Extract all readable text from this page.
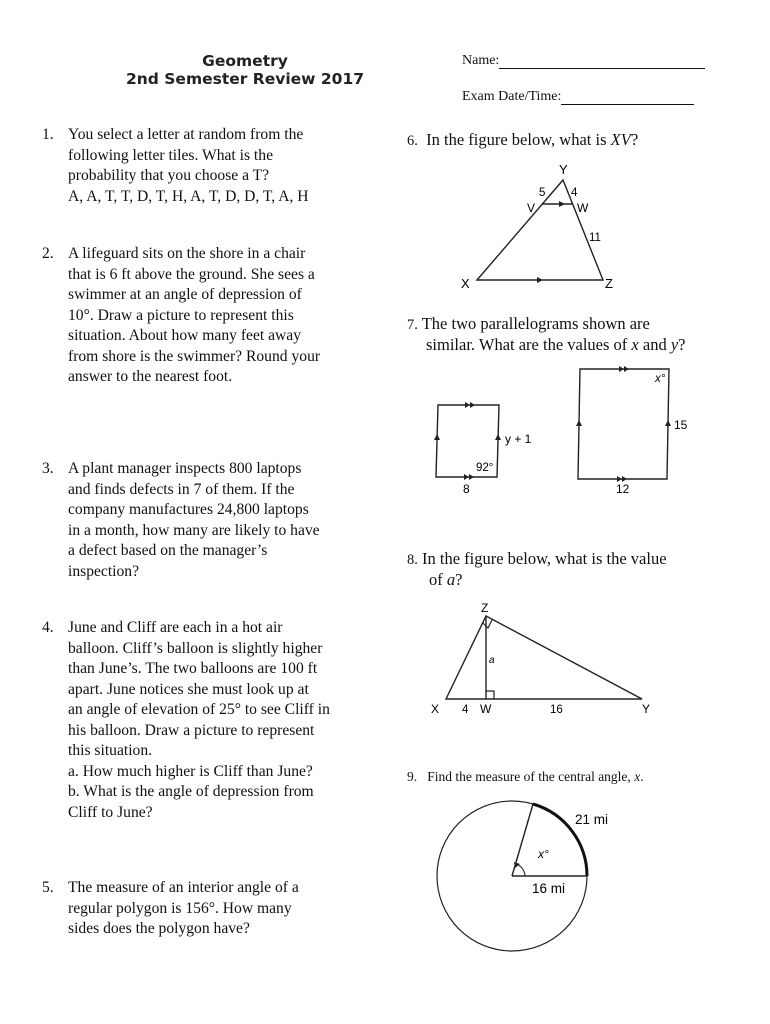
Geometry
2nd Semester Review 2017
Name:
Exam Date/Time:
1. You select a letter at random from the
following letter tiles. What is the
probability that you choose a T?
A, A, T, T, D, T, H, A, T, D, D, T, A, H
2. A lifeguard sits on the shore in a chair
that is 6 ft above the ground. She sees a
swimmer at an angle of depression of
10°. Draw a picture to represent this
situation. About how many feet away
from shore is the swimmer? Round your
answer to the nearest foot.
3. A plant manager inspects 800 laptops
and finds defects in 7 of them. If the
company manufactures 24,800 laptops
in a month, how many are likely to have
a defect based on the manager’s
inspection?
4. June and Cliff are each in a hot air
balloon. Cliff’s balloon is slightly higher
than June’s. The two balloons are 100 ft
apart. June notices she must look up at
an angle of elevation of 25° to see Cliff in
his balloon. Draw a picture to represent
this situation.
a. How much higher is Cliff than June?
b. What is the angle of depression from
Cliff to June?
5. The measure of an interior angle of a
regular polygon is 156°. How many
sides does the polygon have?
6. In the figure below, what is XV?
Y
V	W
X	Z
5 4
11
7. The two parallelograms shown are
similar. What are the values of x and y?
y + 1
92°
8
x°
15
12
8. In the figure below, what is the value
of a?
Z
X 4 W	16	Y
a
9. Find the measure of the central angle, x.
21 mi
16 mi
x°
